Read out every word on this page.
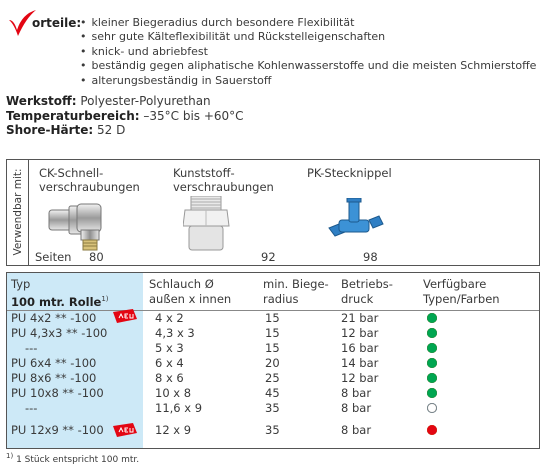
orteile:
• kleiner Biegeradius durch besondere Flexibilität
• sehr gute Kälteflexibilität und Rückstelleigenschaften
• knick- und abriebfest
• beständig gegen aliphatische Kohlenwasserstoffe und die meisten Schmierstoffe
• alterungsbeständig in Sauerstoff
Werkstoff: Polyester-Polyurethan
Temperaturbereich: –35°C bis +60°C
Shore-Härte: 52 D
Verwendbar mit: CK-Schnell-
verschraubungen
Seiten 80
Kunststoff-
verschraubungen
92
PK-Stecknippel
98
Typ
100 mtr. Rolle$^{1)}$
Schlauch Ø
außen x innen
min. Biege-
radius
Betriebs-
druck
Verfügbare
Typen/Farben
PU 4x2 ** -100	4 x 2	15	21 bar
PU 4,3x3 ** -100	4,3 x 3	15	12 bar
---	5 x 3	15	16 bar
PU 6x4 ** -100	6 x 4	20	14 bar
PU 8x6 ** -100	8 x 6	25	12 bar
PU 10x8 ** -100	10 x 8	45	8 bar
---	11,6 x 9	35	8 bar
PU 12x9 ** -100	12 x 9	35	8 bar
$^{1)}$ 1 Stück entspricht 100 mtr.
